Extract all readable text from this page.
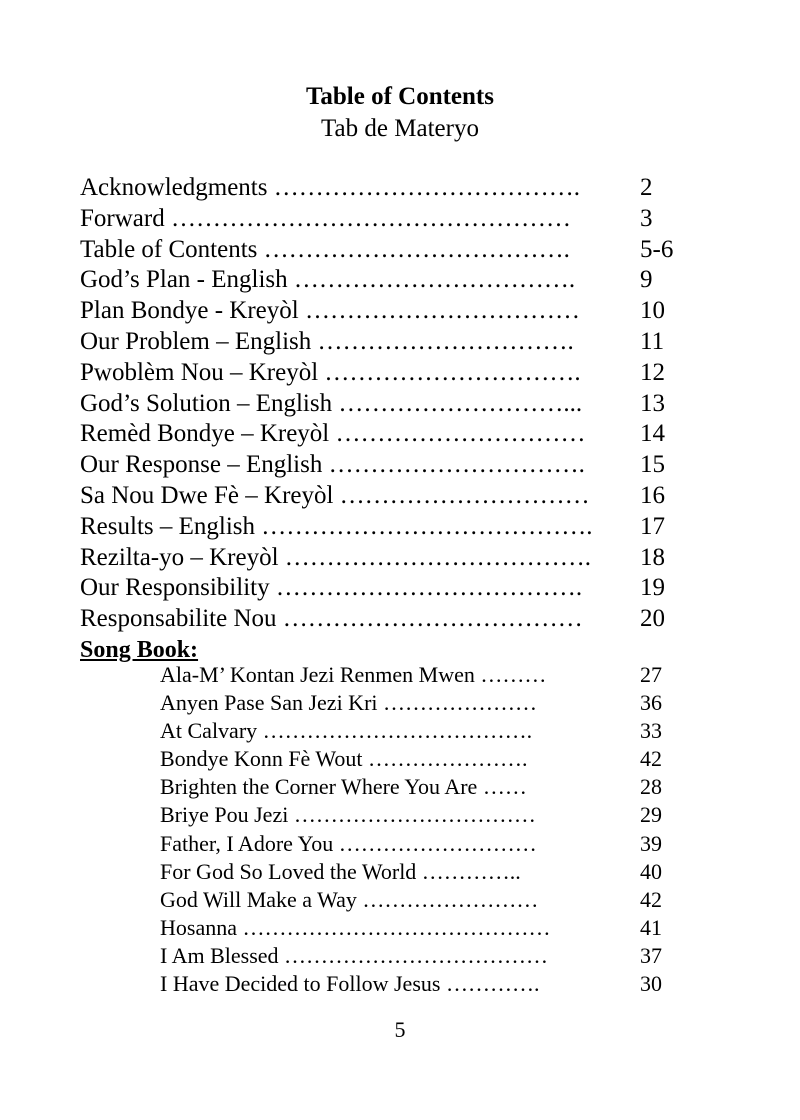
Table of Contents
Tab de Materyo
Acknowledgments ………………………………. 2
Forward …………………………………………	3
Table of Contents ……………………………….	5-6
God’s Plan - English …………………………….	9
Plan Bondye - Kreyòl …………………………… 10
Our Problem – English ………………………….	11
Pwoblèm Nou – Kreyòl …………………………. 12
God’s Solution – English ………………………... 13
Remèd Bondye – Kreyòl ………………………… 14
Our Response – English …………………………. 15
Sa Nou Dwe Fè – Kreyòl ………………………… 16
Results – English …………………………………. 17
Rezilta-yo – Kreyòl ………………………………. 18
Our Responsibility ………………………………. 19
Responsabilite Nou ……………………………… 20
Song Book:
Ala-M’ Kontan Jezi Renmen Mwen ………	27
Anyen Pase San Jezi Kri …………………	36
At Calvary ……………………………….	33
Bondye Konn Fè Wout ………………….	42
Brighten the Corner Where You Are ……	28
Briye Pou Jezi ……………………………	29
Father, I Adore You ………………………	39
For God So Loved the World …………..	40
God Will Make a Way ……………………	42
Hosanna ……………………………………	41
I Am Blessed ………………………………	37
I Have Decided to Follow Jesus ………….	30
5
